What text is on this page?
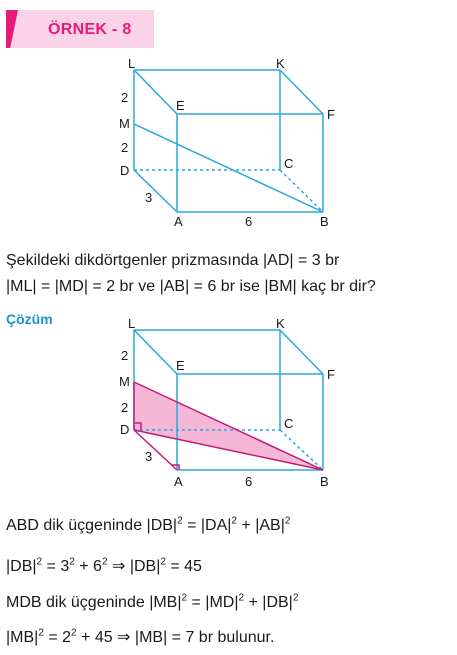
ÖRNEK - 8
L	K
E
F
M
C
D
A	B
2
2
3
6
Şekildeki dikdörtgenler prizmasında |AD| = 3 br
|ML| = |MD| = 2 br ve |AB| = 6 br ise |BM| kaç br dir?
Çözüm	L	K
E
F
M
C
D
A	B
2
2
3
6
ABD dik üçgeninde $|DB|^2 = |DA|^2 + |AB|^2$
$|DB|^2 = 3^2 + 6^2$ ⇒ $|DB|^2 = 45$
MDB dik üçgeninde $|MB|^2 = |MD|^2 + |DB|^2$
$|MB|^2 = 2^2 + 45$ ⇒ |MB| = 7 br bulunur.
